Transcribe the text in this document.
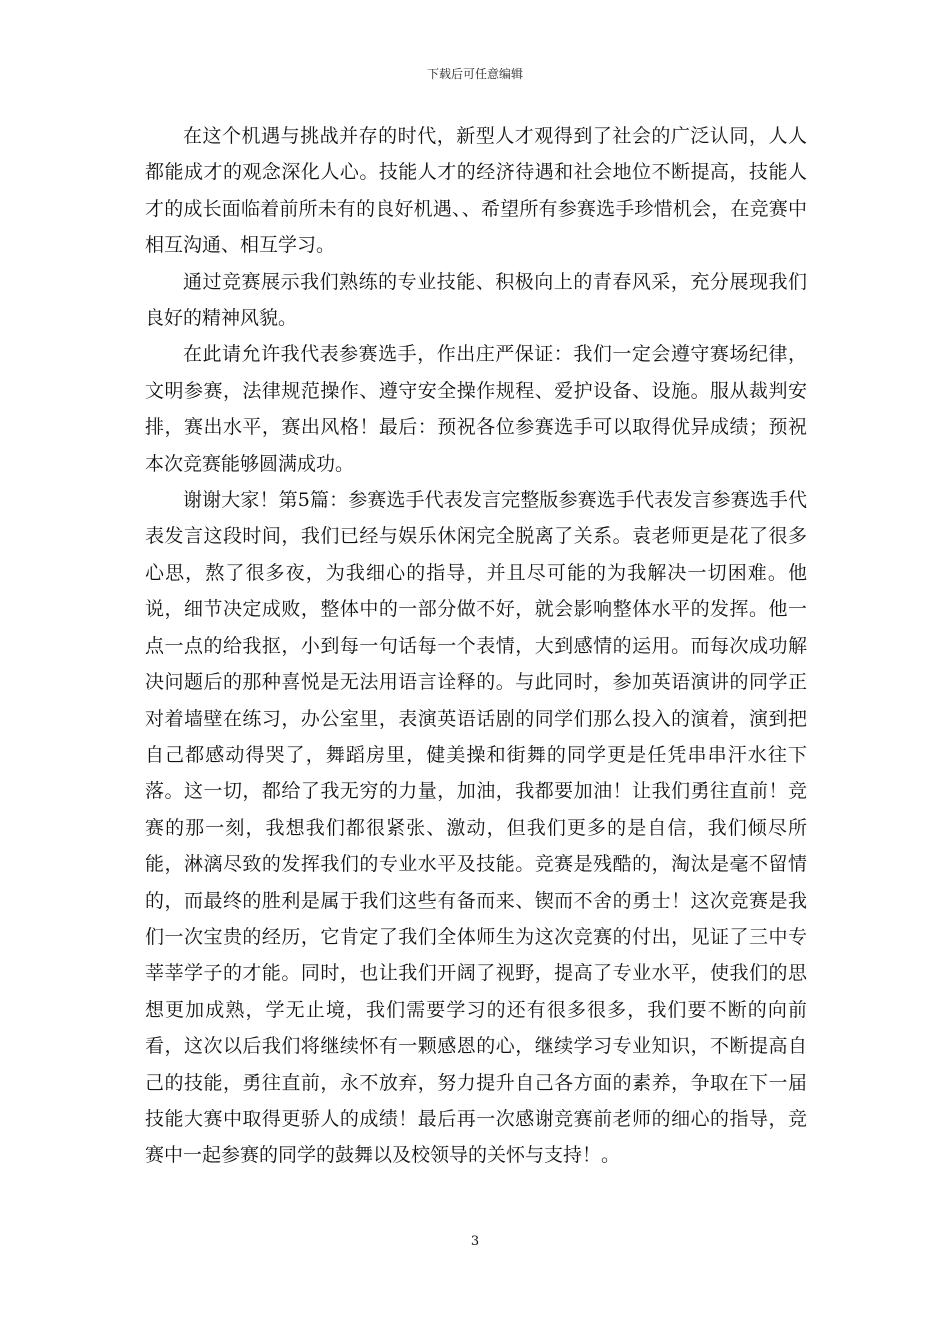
下载后可任意编辑

在这个机遇与挑战并存的时代，新型人才观得到了社会的广泛认同，人人都能成才的观念深化人心。技能人才的经济待遇和社会地位不断提高，技能人才的成长面临着前所未有的良好机遇、、希望所有参赛选手珍惜机会，在竞赛中相互沟通、相互学习。

通过竞赛展示我们熟练的专业技能、积极向上的青春风采，充分展现我们良好的精神风貌。

在此请允许我代表参赛选手，作出庄严保证：我们一定会遵守赛场纪律，文明参赛，法律规范操作、遵守安全操作规程、爱护设备、设施。服从裁判安排，赛出水平，赛出风格！最后：预祝各位参赛选手可以取得优异成绩；预祝本次竞赛能够圆满成功。

谢谢大家！第5篇：参赛选手代表发言完整版参赛选手代表发言参赛选手代表发言这段时间，我们已经与娱乐休闲完全脱离了关系。袁老师更是花了很多心思，熬了很多夜，为我细心的指导，并且尽可能的为我解决一切困难。他说，细节决定成败，整体中的一部分做不好，就会影响整体水平的发挥。他一点一点的给我抠，小到每一句话每一个表情，大到感情的运用。而每次成功解决问题后的那种喜悦是无法用语言诠释的。与此同时，参加英语演讲的同学正对着墙壁在练习，办公室里，表演英语话剧的同学们那么投入的演着，演到把自己都感动得哭了，舞蹈房里，健美操和街舞的同学更是任凭串串汗水往下落。这一切，都给了我无穷的力量，加油，我都要加油！让我们勇往直前！竞赛的那一刻，我想我们都很紧张、激动，但我们更多的是自信，我们倾尽所能，淋漓尽致的发挥我们的专业水平及技能。竞赛是残酷的，淘汰是毫不留情的，而最终的胜利是属于我们这些有备而来、锲而不舍的勇士！这次竞赛是我们一次宝贵的经历，它肯定了我们全体师生为这次竞赛的付出，见证了三中专莘莘学子的才能。同时，也让我们开阔了视野，提高了专业水平，使我们的思想更加成熟，学无止境，我们需要学习的还有很多很多，我们要不断的向前看，这次以后我们将继续怀有一颗感恩的心，继续学习专业知识，不断提高自己的技能，勇往直前，永不放弃，努力提升自己各方面的素养，争取在下一届技能大赛中取得更骄人的成绩！最后再一次感谢竞赛前老师的细心的指导，竞赛中一起参赛的同学的鼓舞以及校领导的关怀与支持！。

3
